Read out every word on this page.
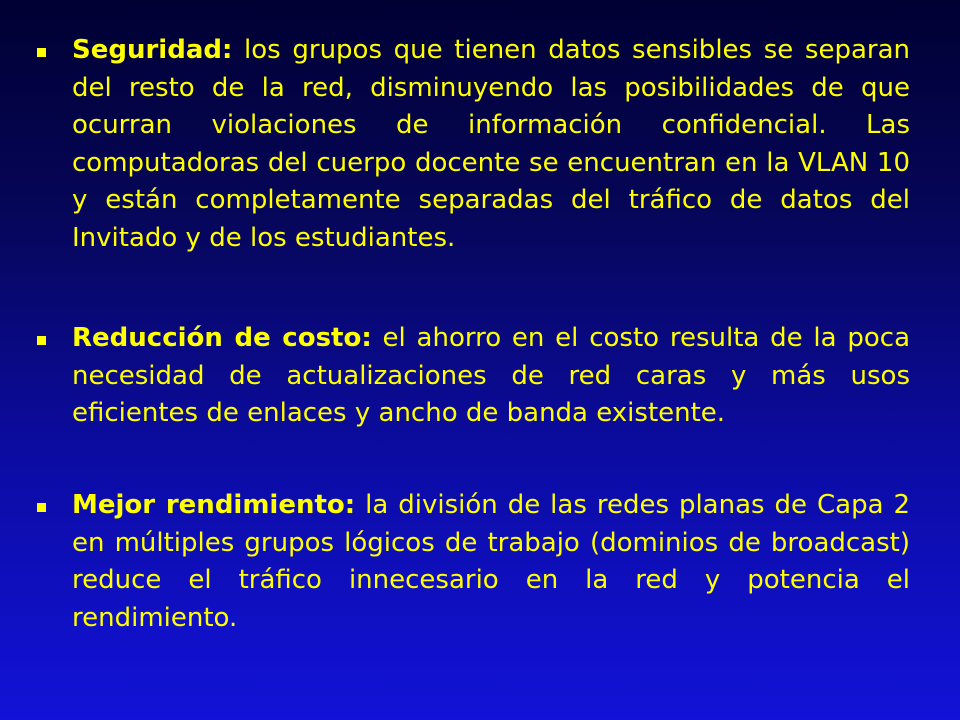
Seguridad: los grupos que tienen datos sensibles se separan del resto de la red, disminuyendo las posibilidades de que ocurran violaciones de información confidencial. Las computadoras del cuerpo docente se encuentran en la VLAN 10 y están completamente separadas del tráfico de datos del Invitado y de los estudiantes.
Reducción de costo: el ahorro en el costo resulta de la poca necesidad de actualizaciones de red caras y más usos eficientes de enlaces y ancho de banda existente.
Mejor rendimiento: la división de las redes planas de Capa 2 en múltiples grupos lógicos de trabajo (dominios de broadcast) reduce el tráfico innecesario en la red y potencia el rendimiento.
